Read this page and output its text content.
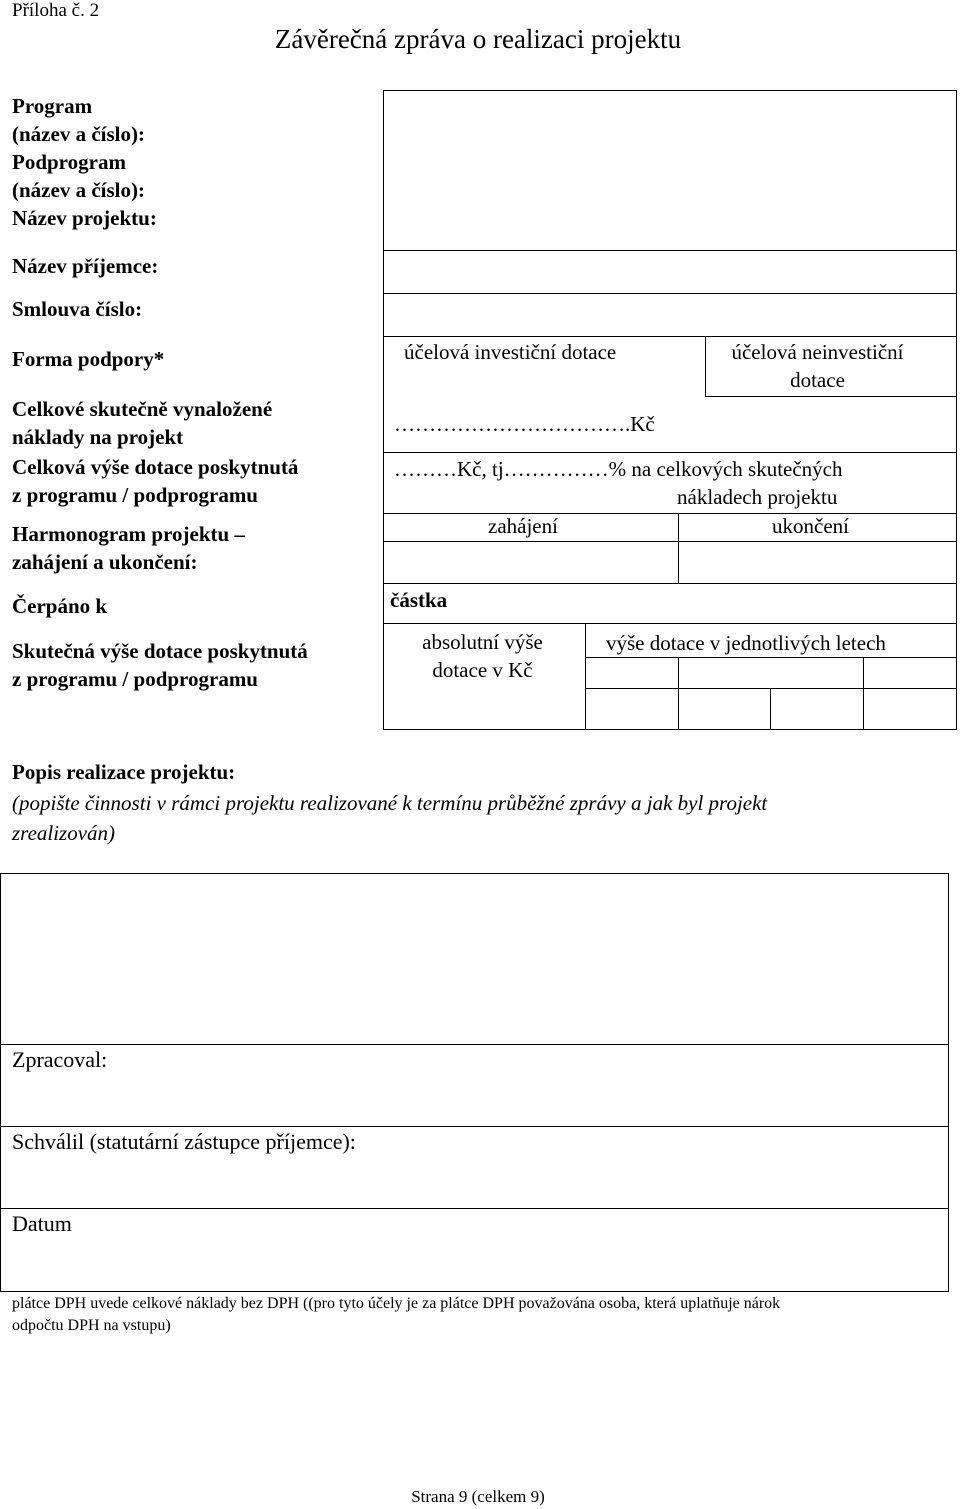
Příloha č. 2
Závěrečná zpráva o realizaci projektu
Program
(název a číslo):
Podprogram
(název a číslo):
Název projektu:
Název příjemce:
Smlouva číslo:
Forma podpory*
Celkové skutečně vynaložené
náklady na projekt
Celková výše dotace poskytnutá
z programu / podprogramu
Harmonogram projektu –
zahájení a ukončení:
Čerpáno k
Skutečná výše dotace poskytnutá
z programu / podprogramu
účelová investiční dotace	účelová neinvestiční
dotace
…………………………….Kč
………Kč, tj……………% na celkových skutečných
nákladech projektu
zahájení	ukončení
částka
absolutní výše
dotace v Kč
výše dotace v jednotlivých letech
Popis realizace projektu:
(popište činnosti v rámci projektu realizované k termínu průběžné zprávy a jak byl projekt
zrealizován)
Zpracoval:
Schválil (statutární zástupce příjemce):
Datum
plátce DPH uvede celkové náklady bez DPH ((pro tyto účely je za plátce DPH považována osoba, která uplatňuje nárok
odpočtu DPH na vstupu)
Strana 9 (celkem 9)
